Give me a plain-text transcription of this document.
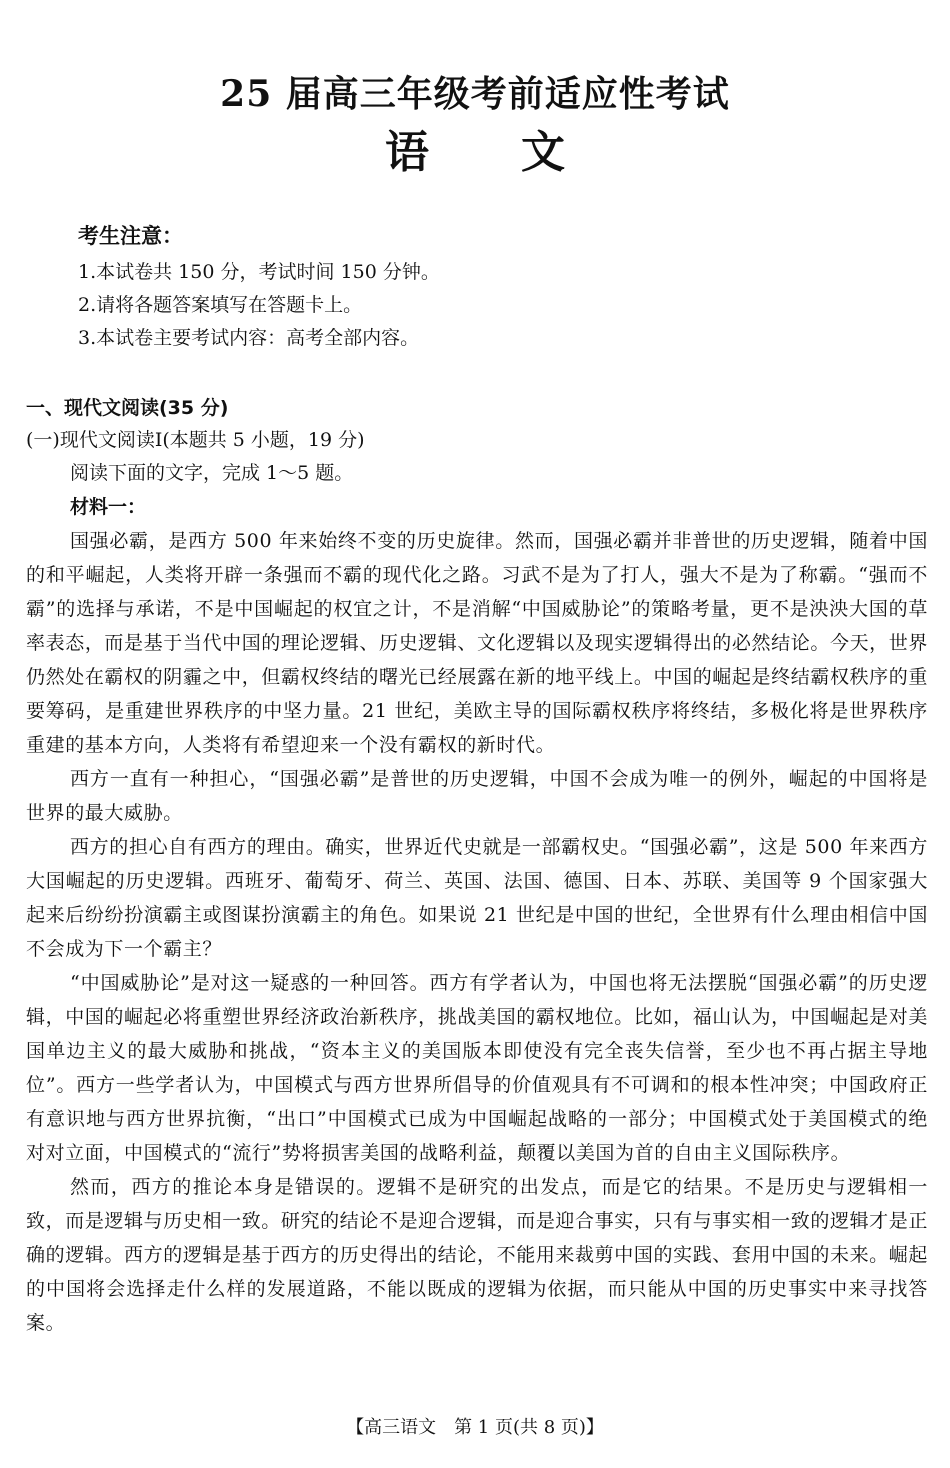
25 届高三年级考前适应性考试
语文
考生注意：
1.本试卷共 150 分，考试时间 150 分钟。
2.请将各题答案填写在答题卡上。
3.本试卷主要考试内容：高考全部内容。
一、现代文阅读(35 分)
(一)现代文阅读Ⅰ(本题共 5 小题，19 分)
阅读下面的文字，完成 1～5 题。
材料一：

国强必霸，是西方 500 年来始终不变的历史旋律。然而，国强必霸并非普世的历史逻辑，随着中国的和平崛起，人类将开辟一条强而不霸的现代化之路。习武不是为了打人，强大不是为了称霸。“强而不霸”的选择与承诺，不是中国崛起的权宜之计，不是消解“中国威胁论”的策略考量，更不是泱泱大国的草率表态，而是基于当代中国的理论逻辑、历史逻辑、文化逻辑以及现实逻辑得出的必然结论。今天，世界仍然处在霸权的阴霾之中，但霸权终结的曙光已经展露在新的地平线上。中国的崛起是终结霸权秩序的重要筹码，是重建世界秩序的中坚力量。21 世纪，美欧主导的国际霸权秩序将终结，多极化将是世界秩序重建的基本方向，人类将有希望迎来一个没有霸权的新时代。

西方一直有一种担心，“国强必霸”是普世的历史逻辑，中国不会成为唯一的例外，崛起的中国将是世界的最大威胁。

西方的担心自有西方的理由。确实，世界近代史就是一部霸权史。“国强必霸”，这是 500 年来西方大国崛起的历史逻辑。西班牙、葡萄牙、荷兰、英国、法国、德国、日本、苏联、美国等 9 个国家强大起来后纷纷扮演霸主或图谋扮演霸主的角色。如果说 21 世纪是中国的世纪，全世界有什么理由相信中国不会成为下一个霸主？

“中国威胁论”是对这一疑惑的一种回答。西方有学者认为，中国也将无法摆脱“国强必霸”的历史逻辑，中国的崛起必将重塑世界经济政治新秩序，挑战美国的霸权地位。比如，福山认为，中国崛起是对美国单边主义的最大威胁和挑战，“资本主义的美国版本即使没有完全丧失信誉，至少也不再占据主导地位”。西方一些学者认为，中国模式与西方世界所倡导的价值观具有不可调和的根本性冲突；中国政府正有意识地与西方世界抗衡，“出口”中国模式已成为中国崛起战略的一部分；中国模式处于美国模式的绝对对立面，中国模式的“流行”势将损害美国的战略利益，颠覆以美国为首的自由主义国际秩序。

然而，西方的推论本身是错误的。逻辑不是研究的出发点，而是它的结果。不是历史与逻辑相一致，而是逻辑与历史相一致。研究的结论不是迎合逻辑，而是迎合事实，只有与事实相一致的逻辑才是正确的逻辑。西方的逻辑是基于西方的历史得出的结论，不能用来裁剪中国的实践、套用中国的未来。崛起的中国将会选择走什么样的发展道路，不能以既成的逻辑为依据，而只能从中国的历史事实中来寻找答案。

【高三语文　第 1 页(共 8 页)】
